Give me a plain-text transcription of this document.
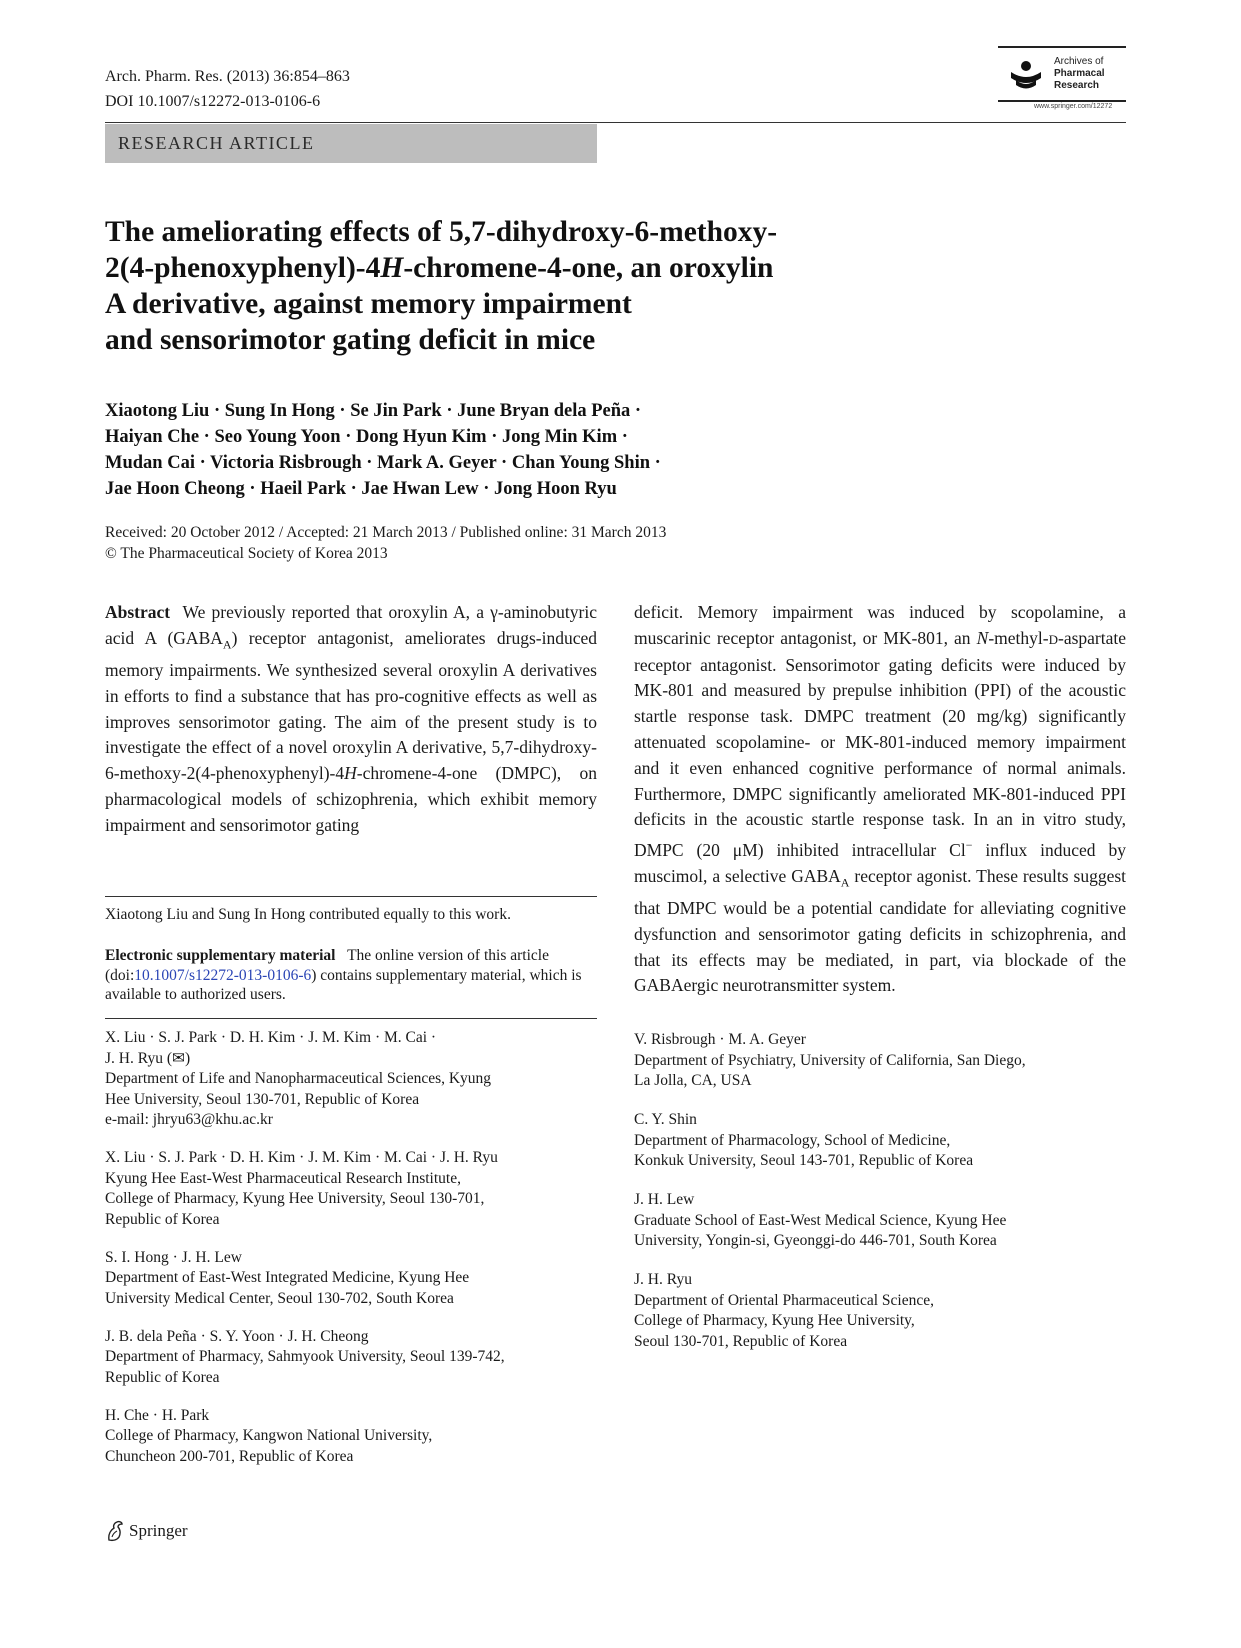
Arch. Pharm. Res. (2013) 36:854–863
DOI 10.1007/s12272-013-0106-6
Archives of
Pharmacal
Research
www.springer.com/12272
RESEARCH ARTICLE
The ameliorating effects of 5,7-dihydroxy-6-methoxy-
2(4-phenoxyphenyl)-4H-chromene-4-one, an oroxylin
A derivative, against memory impairment
and sensorimotor gating deficit in mice
Xiaotong Liu · Sung In Hong · Se Jin Park · June Bryan dela Peña ·
Haiyan Che · Seo Young Yoon · Dong Hyun Kim · Jong Min Kim ·
Mudan Cai · Victoria Risbrough · Mark A. Geyer · Chan Young Shin ·
Jae Hoon Cheong · Haeil Park · Jae Hwan Lew · Jong Hoon Ryu
Received: 20 October 2012 / Accepted: 21 March 2013 / Published online: 31 March 2013
© The Pharmaceutical Society of Korea 2013
Abstract We previously reported that oroxylin A, a γ-aminobutyric acid A $(GABA_A)$ receptor antagonist, ameliorates drugs-induced memory impairments. We synthesized several oroxylin A derivatives in efforts to find a substance that has pro-cognitive effects as well as improves sensorimotor gating. The aim of the present study is to investigate the effect of a novel oroxylin A derivative, 5,7-dihydroxy-6-methoxy-2(4-phenoxyphenyl)-4H-chromene-4-one (DMPC), on pharmacological models of schizophrenia, which exhibit memory impairment and sensorimotor gating
deficit. Memory impairment was induced by scopolamine, a muscarinic receptor antagonist, or MK-801, an N-methyl-D-aspartate receptor antagonist. Sensorimotor gating deficits were induced by MK-801 and measured by prepulse inhibition (PPI) of the acoustic startle response task. DMPC treatment (20 mg/kg) significantly attenuated scopolamine- or MK-801-induced memory impairment and it even enhanced cognitive performance of normal animals. Furthermore, DMPC significantly ameliorated MK-801-induced PPI deficits in the acoustic startle response task. In an in vitro study, DMPC (20 μM) inhibited intracellular Cl− influx induced by muscimol, a selective $GABA_A$ receptor agonist. These results suggest that DMPC would be a potential candidate for alleviating cognitive dysfunction and sensorimotor gating deficits in schizophrenia, and that its effects may be mediated, in part, via blockade of the GABAergic neurotransmitter system.
Xiaotong Liu and Sung In Hong contributed equally to this work.
Electronic supplementary material The online version of this article (doi:10.1007/s12272-013-0106-6) contains supplementary material, which is available to authorized users.
X. Liu · S. J. Park · D. H. Kim · J. M. Kim · M. Cai ·
J. H. Ryu (✉)
Department of Life and Nanopharmaceutical Sciences, Kyung
Hee University, Seoul 130-701, Republic of Korea
e-mail: jhryu63@khu.ac.kr
X. Liu · S. J. Park · D. H. Kim · J. M. Kim · M. Cai · J. H. Ryu
Kyung Hee East-West Pharmaceutical Research Institute,
College of Pharmacy, Kyung Hee University, Seoul 130-701,
Republic of Korea
S. I. Hong · J. H. Lew
Department of East-West Integrated Medicine, Kyung Hee
University Medical Center, Seoul 130-702, South Korea
J. B. dela Peña · S. Y. Yoon · J. H. Cheong
Department of Pharmacy, Sahmyook University, Seoul 139-742,
Republic of Korea
H. Che · H. Park
College of Pharmacy, Kangwon National University,
Chuncheon 200-701, Republic of Korea
V. Risbrough · M. A. Geyer
Department of Psychiatry, University of California, San Diego,
La Jolla, CA, USA
C. Y. Shin
Department of Pharmacology, School of Medicine,
Konkuk University, Seoul 143-701, Republic of Korea
J. H. Lew
Graduate School of East-West Medical Science, Kyung Hee
University, Yongin-si, Gyeonggi-do 446-701, South Korea
J. H. Ryu
Department of Oriental Pharmaceutical Science,
College of Pharmacy, Kyung Hee University,
Seoul 130-701, Republic of Korea
Springer
